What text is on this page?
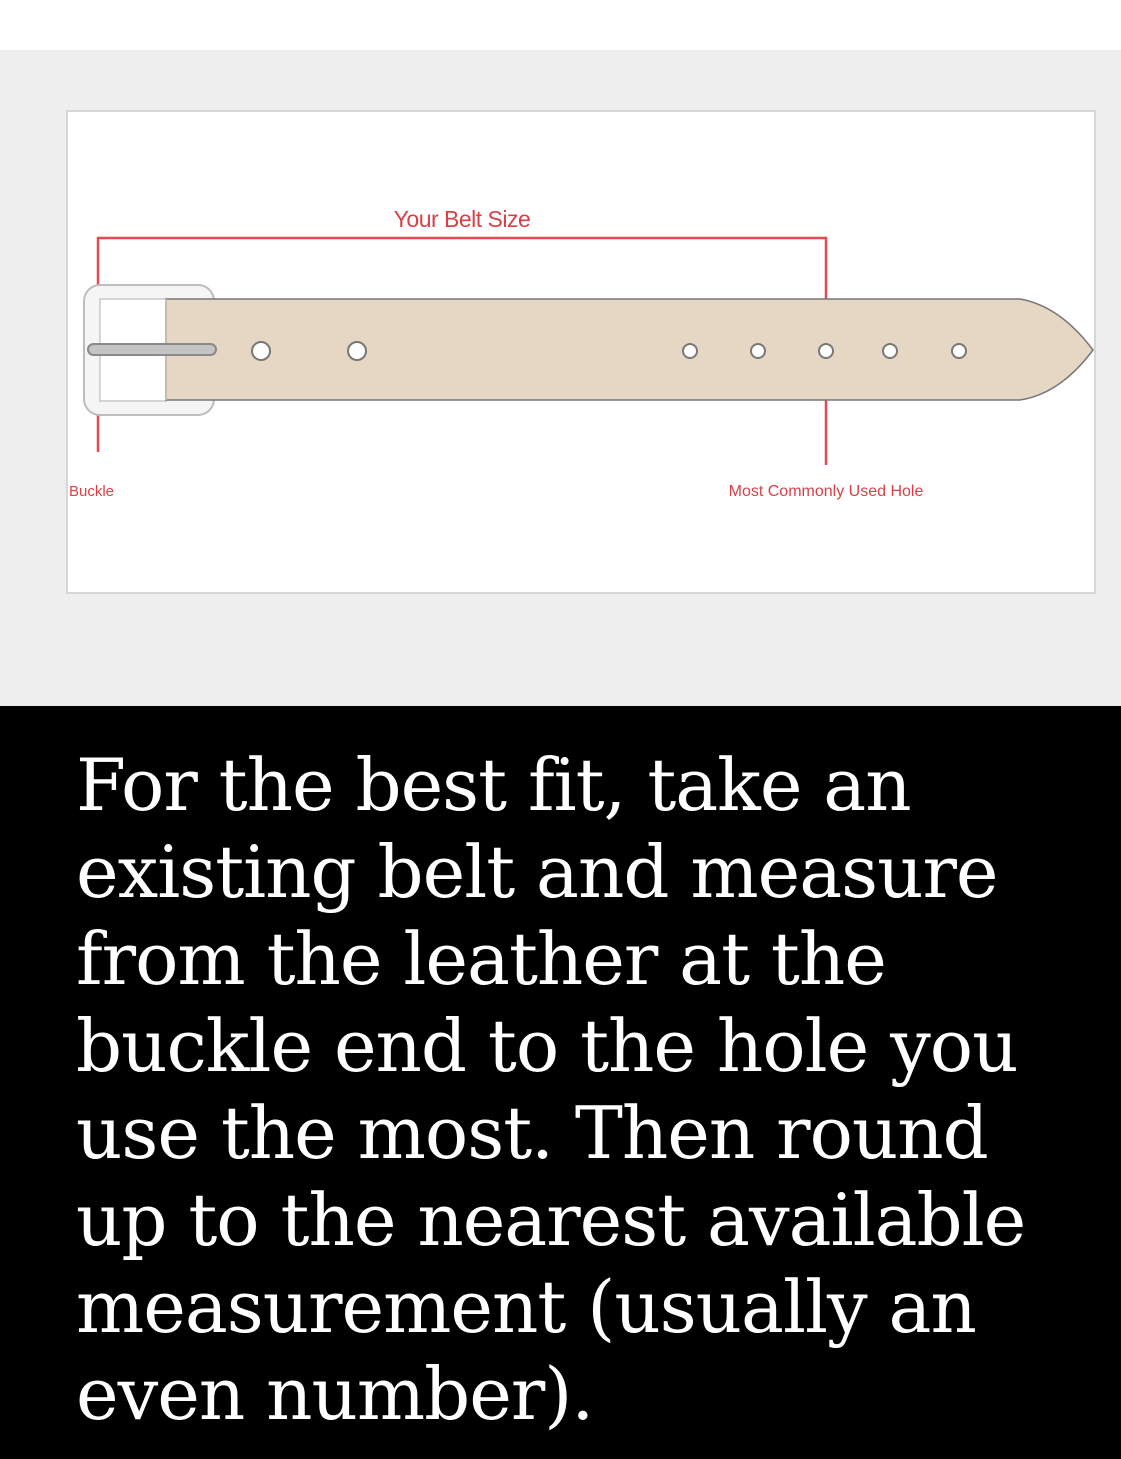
Your Belt Size
Buckle	Most Commonly Used Hole

For the best fit, take an
existing belt and measure
from the leather at the
buckle end to the hole you
use the most. Then round
up to the nearest available
measurement (usually an
even number).
